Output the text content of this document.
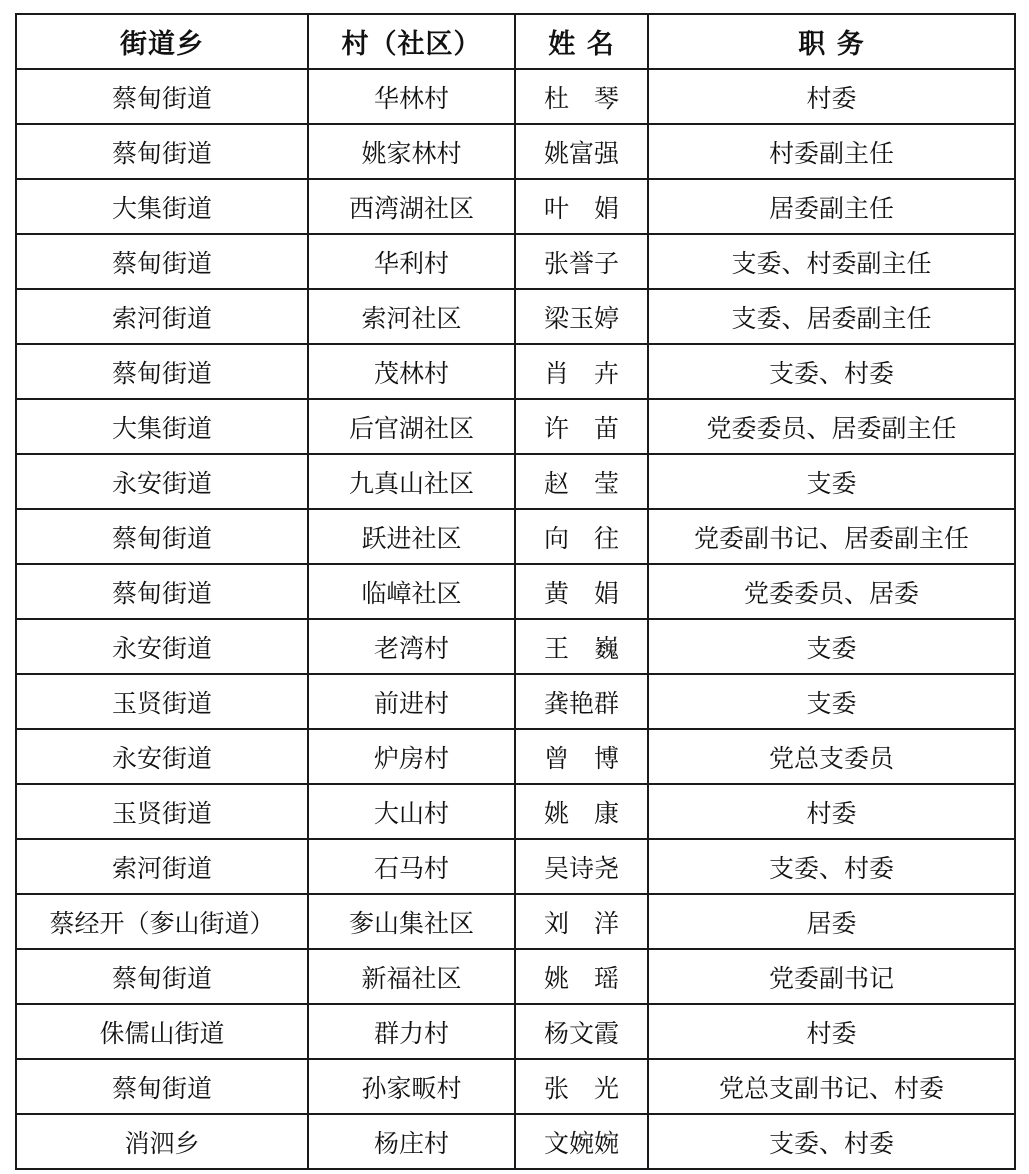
街道乡	村（社区）	姓 名	职 务
蔡甸街道	华林村	杜　琴	村委
蔡甸街道	姚家林村	姚富强	村委副主任
大集街道	西湾湖社区	叶　娟	居委副主任
蔡甸街道	华利村	张誉子	支委、村委副主任
索河街道	索河社区	梁玉婷	支委、居委副主任
蔡甸街道	茂林村	肖　卉	支委、村委
大集街道	后官湖社区	许　苗	党委委员、居委副主任
永安街道	九真山社区	赵　莹	支委
蔡甸街道	跃进社区	向　往	党委副书记、居委副主任
蔡甸街道	临嶂社区	黄　娟	党委委员、居委
永安街道	老湾村	王　巍	支委
玉贤街道	前进村	龚艳群	支委
永安街道	炉房村	曾　博	党总支委员
玉贤街道	大山村	姚　康	村委
索河街道	石马村	吴诗尧	支委、村委
蔡经开（奓山街道）	奓山集社区	刘　洋	居委
蔡甸街道	新福社区	姚　瑶	党委副书记
侏儒山街道	群力村	杨文霞	村委
蔡甸街道	孙家畈村	张　光	党总支副书记、村委
消泗乡	杨庄村	文婉婉	支委、村委
